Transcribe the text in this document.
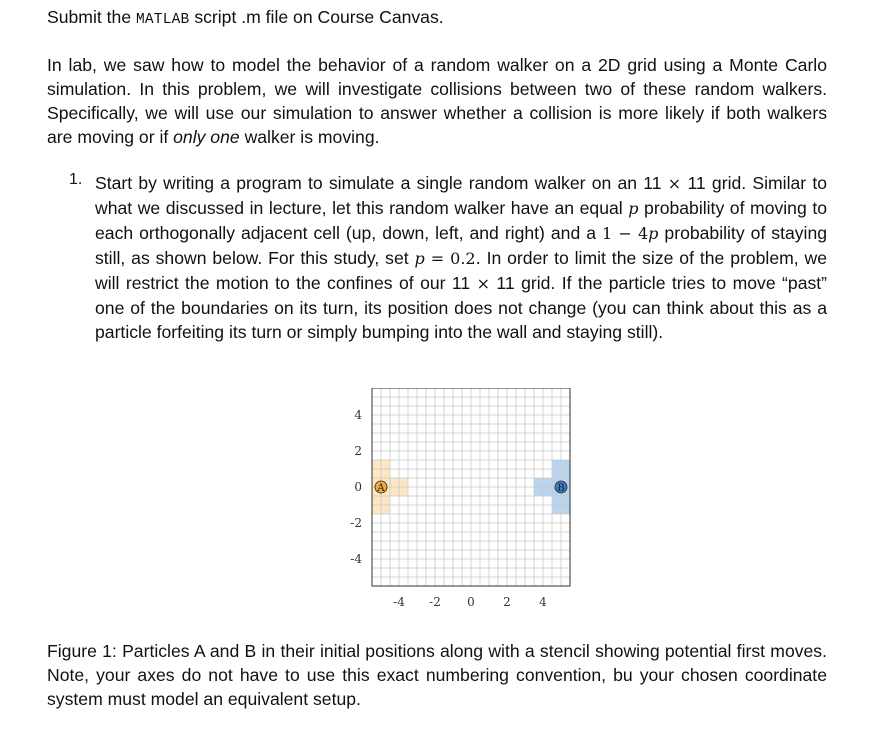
Submit the MATLAB script .m file on Course Canvas.

In lab, we saw how to model the behavior of a random walker on a 2D grid using a Monte Carlo simulation. In this problem, we will investigate collisions between two of these random walkers. Specifically, we will use our simulation to answer whether a collision is more likely if both walkers are moving or if only one walker is moving.

1. Start by writing a program to simulate a single random walker on an 11 × 11 grid. Similar to what we discussed in lecture, let this random walker have an equal p probability of moving to each orthogonally adjacent cell (up, down, left, and right) and a 1 − 4p probability of staying still, as shown below. For this study, set p = 0.2. In order to limit the size of the problem, we will restrict the motion to the confines of our 11 × 11 grid. If the particle tries to move “past” one of the boundaries on its turn, its position does not change (you can think about this as a particle forfeiting its turn or simply bumping into the wall and staying still).

A	B
4
2
0
-2
-4
-4 -2 0 2 4

Figure 1: Particles A and B in their initial positions along with a stencil showing potential first moves. Note, your axes do not have to use this exact numbering convention, bu your chosen coordinate system must model an equivalent setup.
